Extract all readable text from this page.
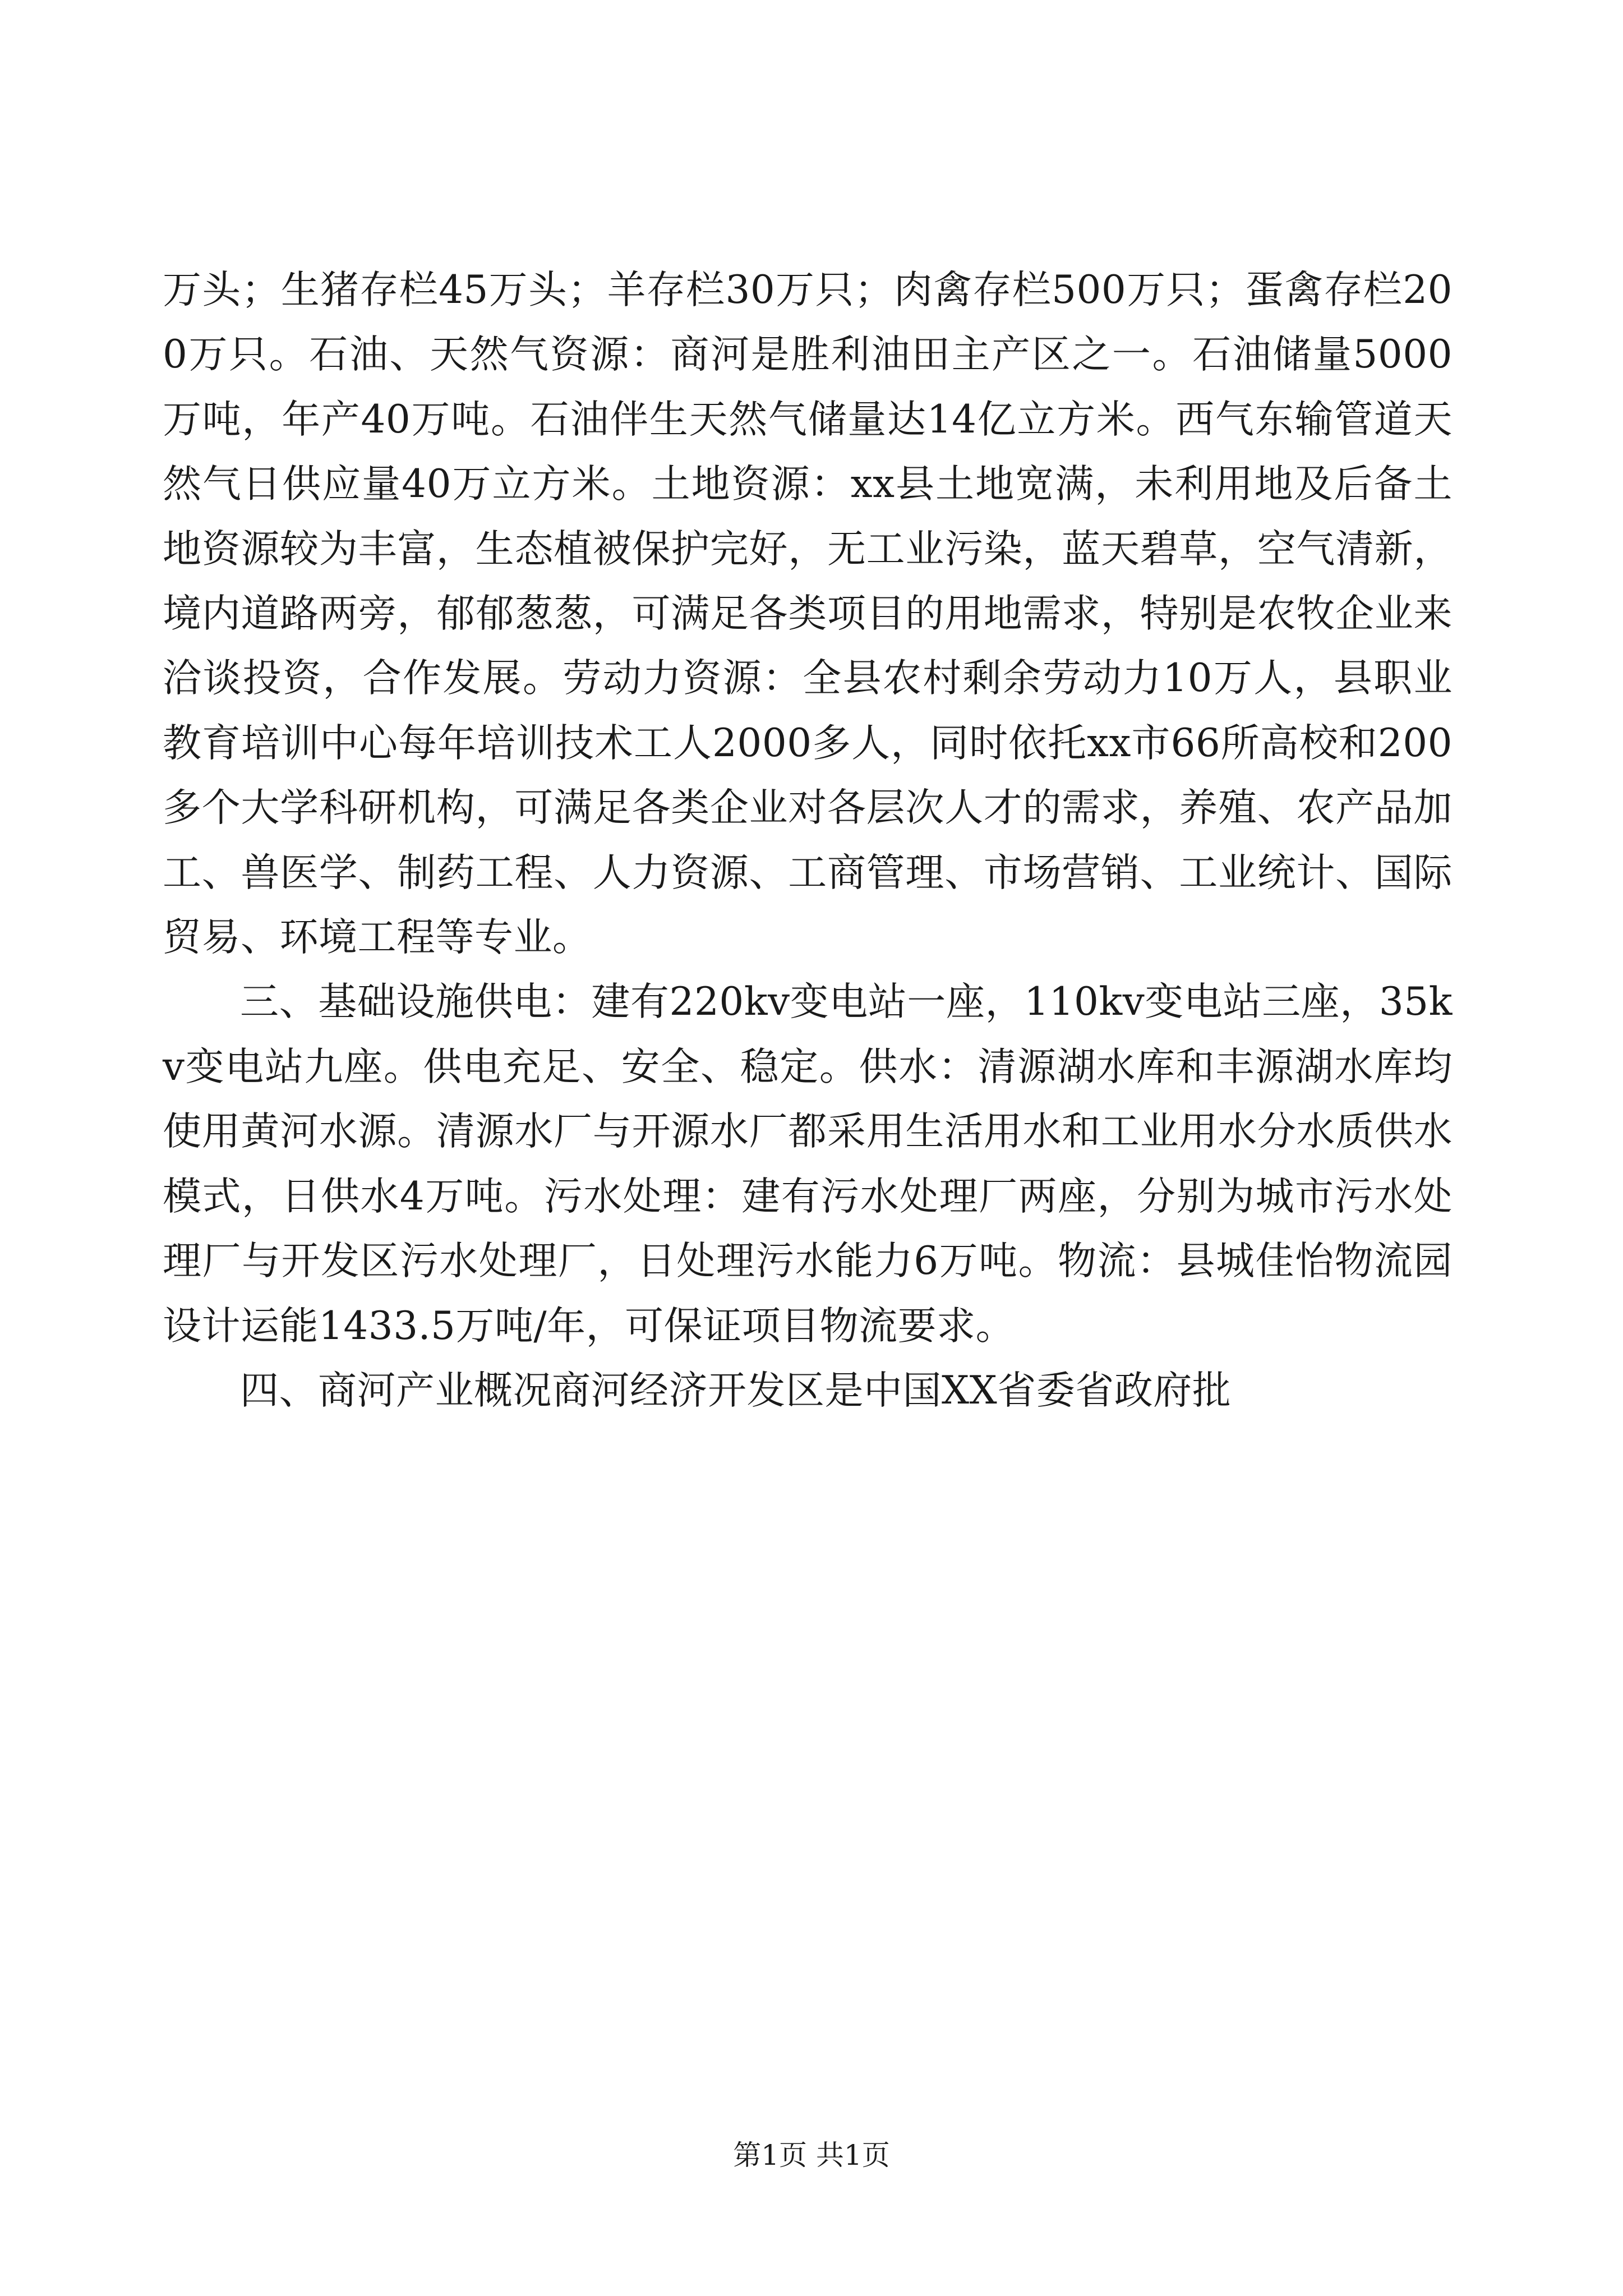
万头；生猪存栏45万头；羊存栏30万只；肉禽存栏500万只；蛋禽存栏200万只。石油、天然气资源：商河是胜利油田主产区之一。石油储量5000万吨，年产40万吨。石油伴生天然气储量达14亿立方米。西气东输管道天然气日供应量40万立方米。土地资源：xx县土地宽满，未利用地及后备土地资源较为丰富，生态植被保护完好，无工业污染，蓝天碧草，空气清新，境内道路两旁，郁郁葱葱，可满足各类项目的用地需求，特别是农牧企业来洽谈投资，合作发展。劳动力资源：全县农村剩余劳动力10万人，县职业教育培训中心每年培训技术工人2000多人，同时依托xx市66所高校和200多个大学科研机构，可满足各类企业对各层次人才的需求，养殖、农产品加工、兽医学、制药工程、人力资源、工商管理、市场营销、工业统计、国际贸易、环境工程等专业。

三、基础设施供电：建有220kv变电站一座，110kv变电站三座，35kv变电站九座。供电充足、安全、稳定。供水：清源湖水库和丰源湖水库均使用黄河水源。清源水厂与开源水厂都采用生活用水和工业用水分水质供水模式，日供水4万吨。污水处理：建有污水处理厂两座，分别为城市污水处理厂与开发区污水处理厂，日处理污水能力6万吨。物流：县城佳怡物流园设计运能1433.5万吨/年，可保证项目物流要求。

四、商河产业概况商河经济开发区是中国XX省委省政府批

第1页 共1页
